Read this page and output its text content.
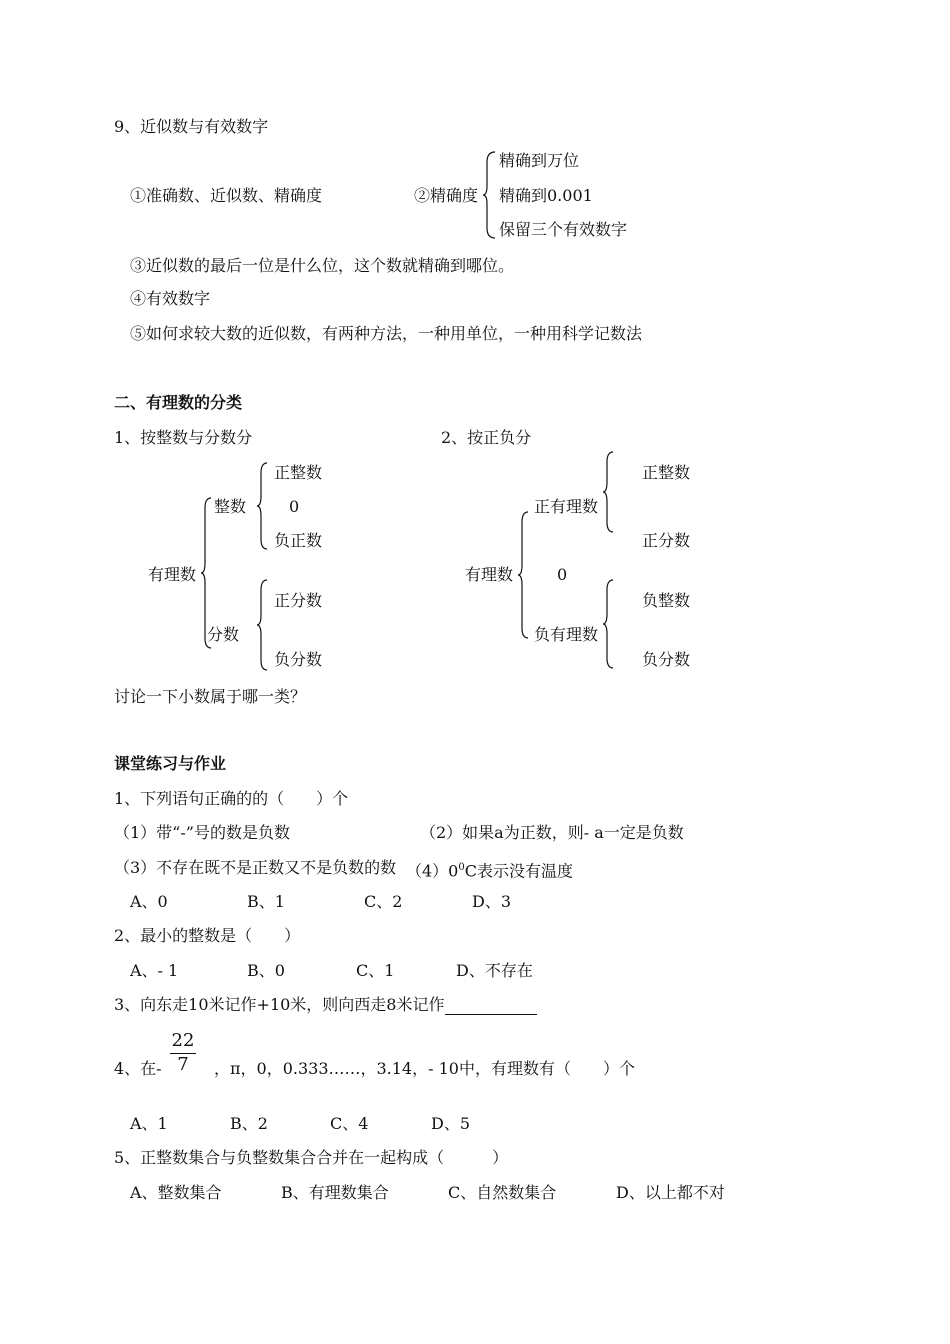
9、近似数与有效数字
①准确数、近似数、精确度	②精确度
精确到万位
精确到0.001
保留三个有效数字
③近似数的最后一位是什么位，这个数就精确到哪位。
④有效数字
⑤如何求较大数的近似数，有两种方法，一种用单位，一种用科学记数法
二、有理数的分类
1、按整数与分数分
有理数
整数
正整数
0
负正数
分数
正分数
负分数
2、按正负分
有理数
正有理数
正整数
正分数
0
负有理数
负整数
负分数
讨论一下小数属于哪一类？
课堂练习与作业
1、下列语句正确的的（　　）个
（1）带“-”号的数是负数	（2）如果a为正数，则- a一定是负数
（3）不存在既不是正数又不是负数的数 $(4)0^0C$表示没有温度
A、0	B、1	C、2	D、3
2、最小的整数是（　　）
A、- 1	B、0	C、1	D、不存在
3、向东走10米记作+10米，则向西走8米记作
4、在- $\frac{22}{7}$ ，π，0，0.333……，3.14，- 10中，有理数有（　　）个
A、1	B、2	C、4	D、5
5、正整数集合与负整数集合合并在一起构成（　　　）
A、整数集合	B、有理数集合	C、自然数集合	D、以上都不对
